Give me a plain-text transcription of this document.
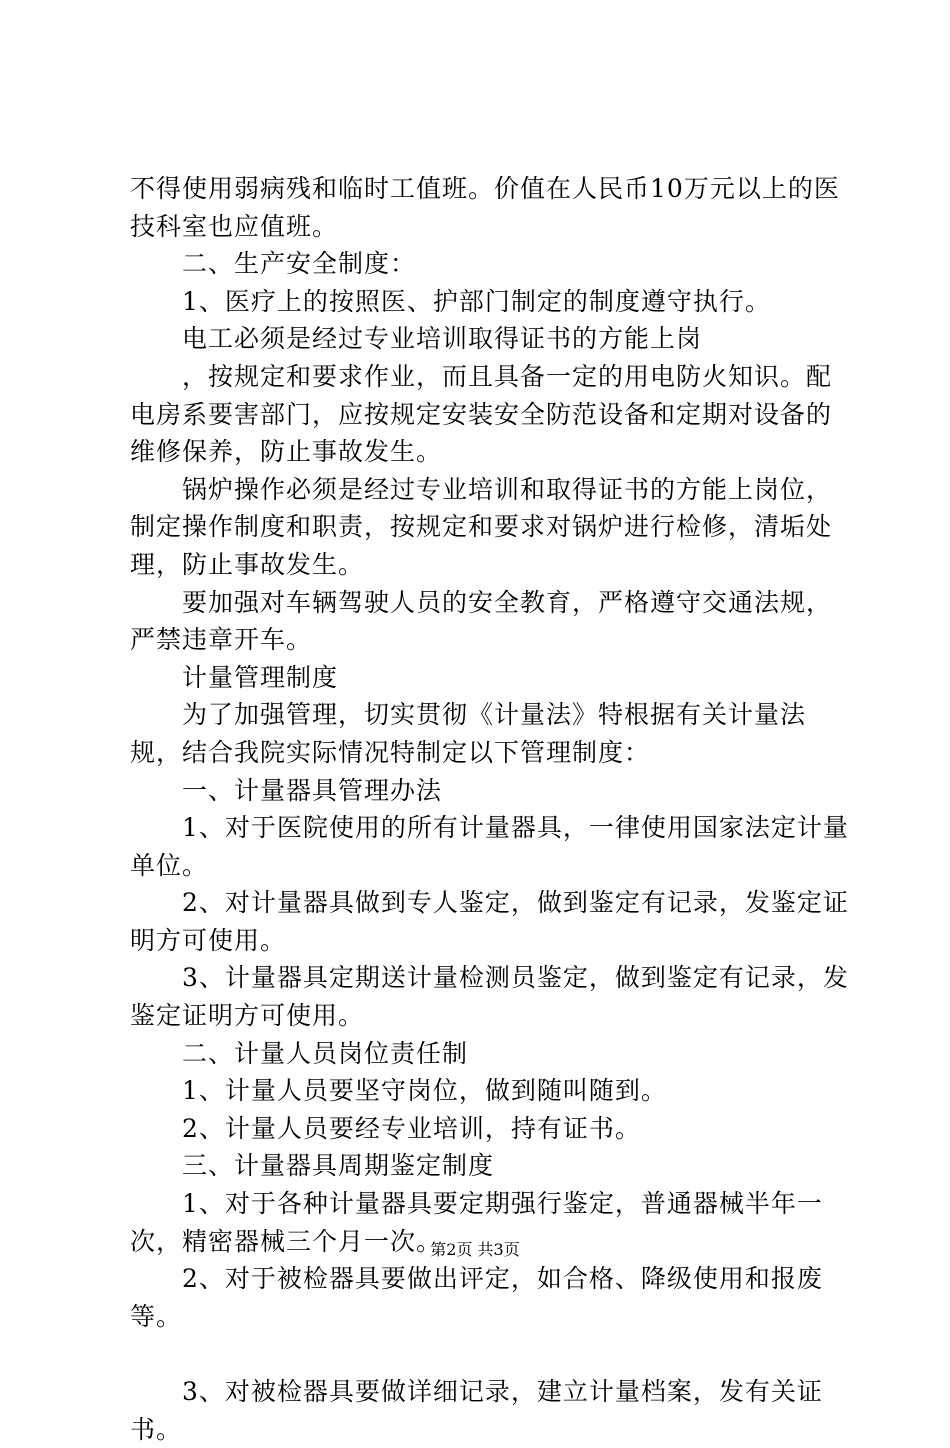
不得使用弱病残和临时工值班。价值在人民币10万元以上的医技科室也应值班。

二、生产安全制度：

1、医疗上的按照医、护部门制定的制度遵守执行。

电工必须是经过专业培训取得证书的方能上岗

，按规定和要求作业，而且具备一定的用电防火知识。配电房系要害部门，应按规定安装安全防范设备和定期对设备的维修保养，防止事故发生。

锅炉操作必须是经过专业培训和取得证书的方能上岗位，制定操作制度和职责，按规定和要求对锅炉进行检修，清垢处理，防止事故发生。

要加强对车辆驾驶人员的安全教育，严格遵守交通法规，严禁违章开车。

计量管理制度

为了加强管理，切实贯彻《计量法》特根据有关计量法规，结合我院实际情况特制定以下管理制度：

一、计量器具管理办法

1、对于医院使用的所有计量器具，一律使用国家法定计量单位。

2、对计量器具做到专人鉴定，做到鉴定有记录，发鉴定证明方可使用。

3、计量器具定期送计量检测员鉴定，做到鉴定有记录，发鉴定证明方可使用。

二、计量人员岗位责任制

1、计量人员要坚守岗位，做到随叫随到。

2、计量人员要经专业培训，持有证书。

三、计量器具周期鉴定制度

1、对于各种计量器具要定期强行鉴定，普通器械半年一次，精密器械三个月一次。

2、对于被检器具要做出评定，如合格、降级使用和报废等。

3、对被检器具要做详细记录，建立计量档案，发有关证书。

第2页 共3页
